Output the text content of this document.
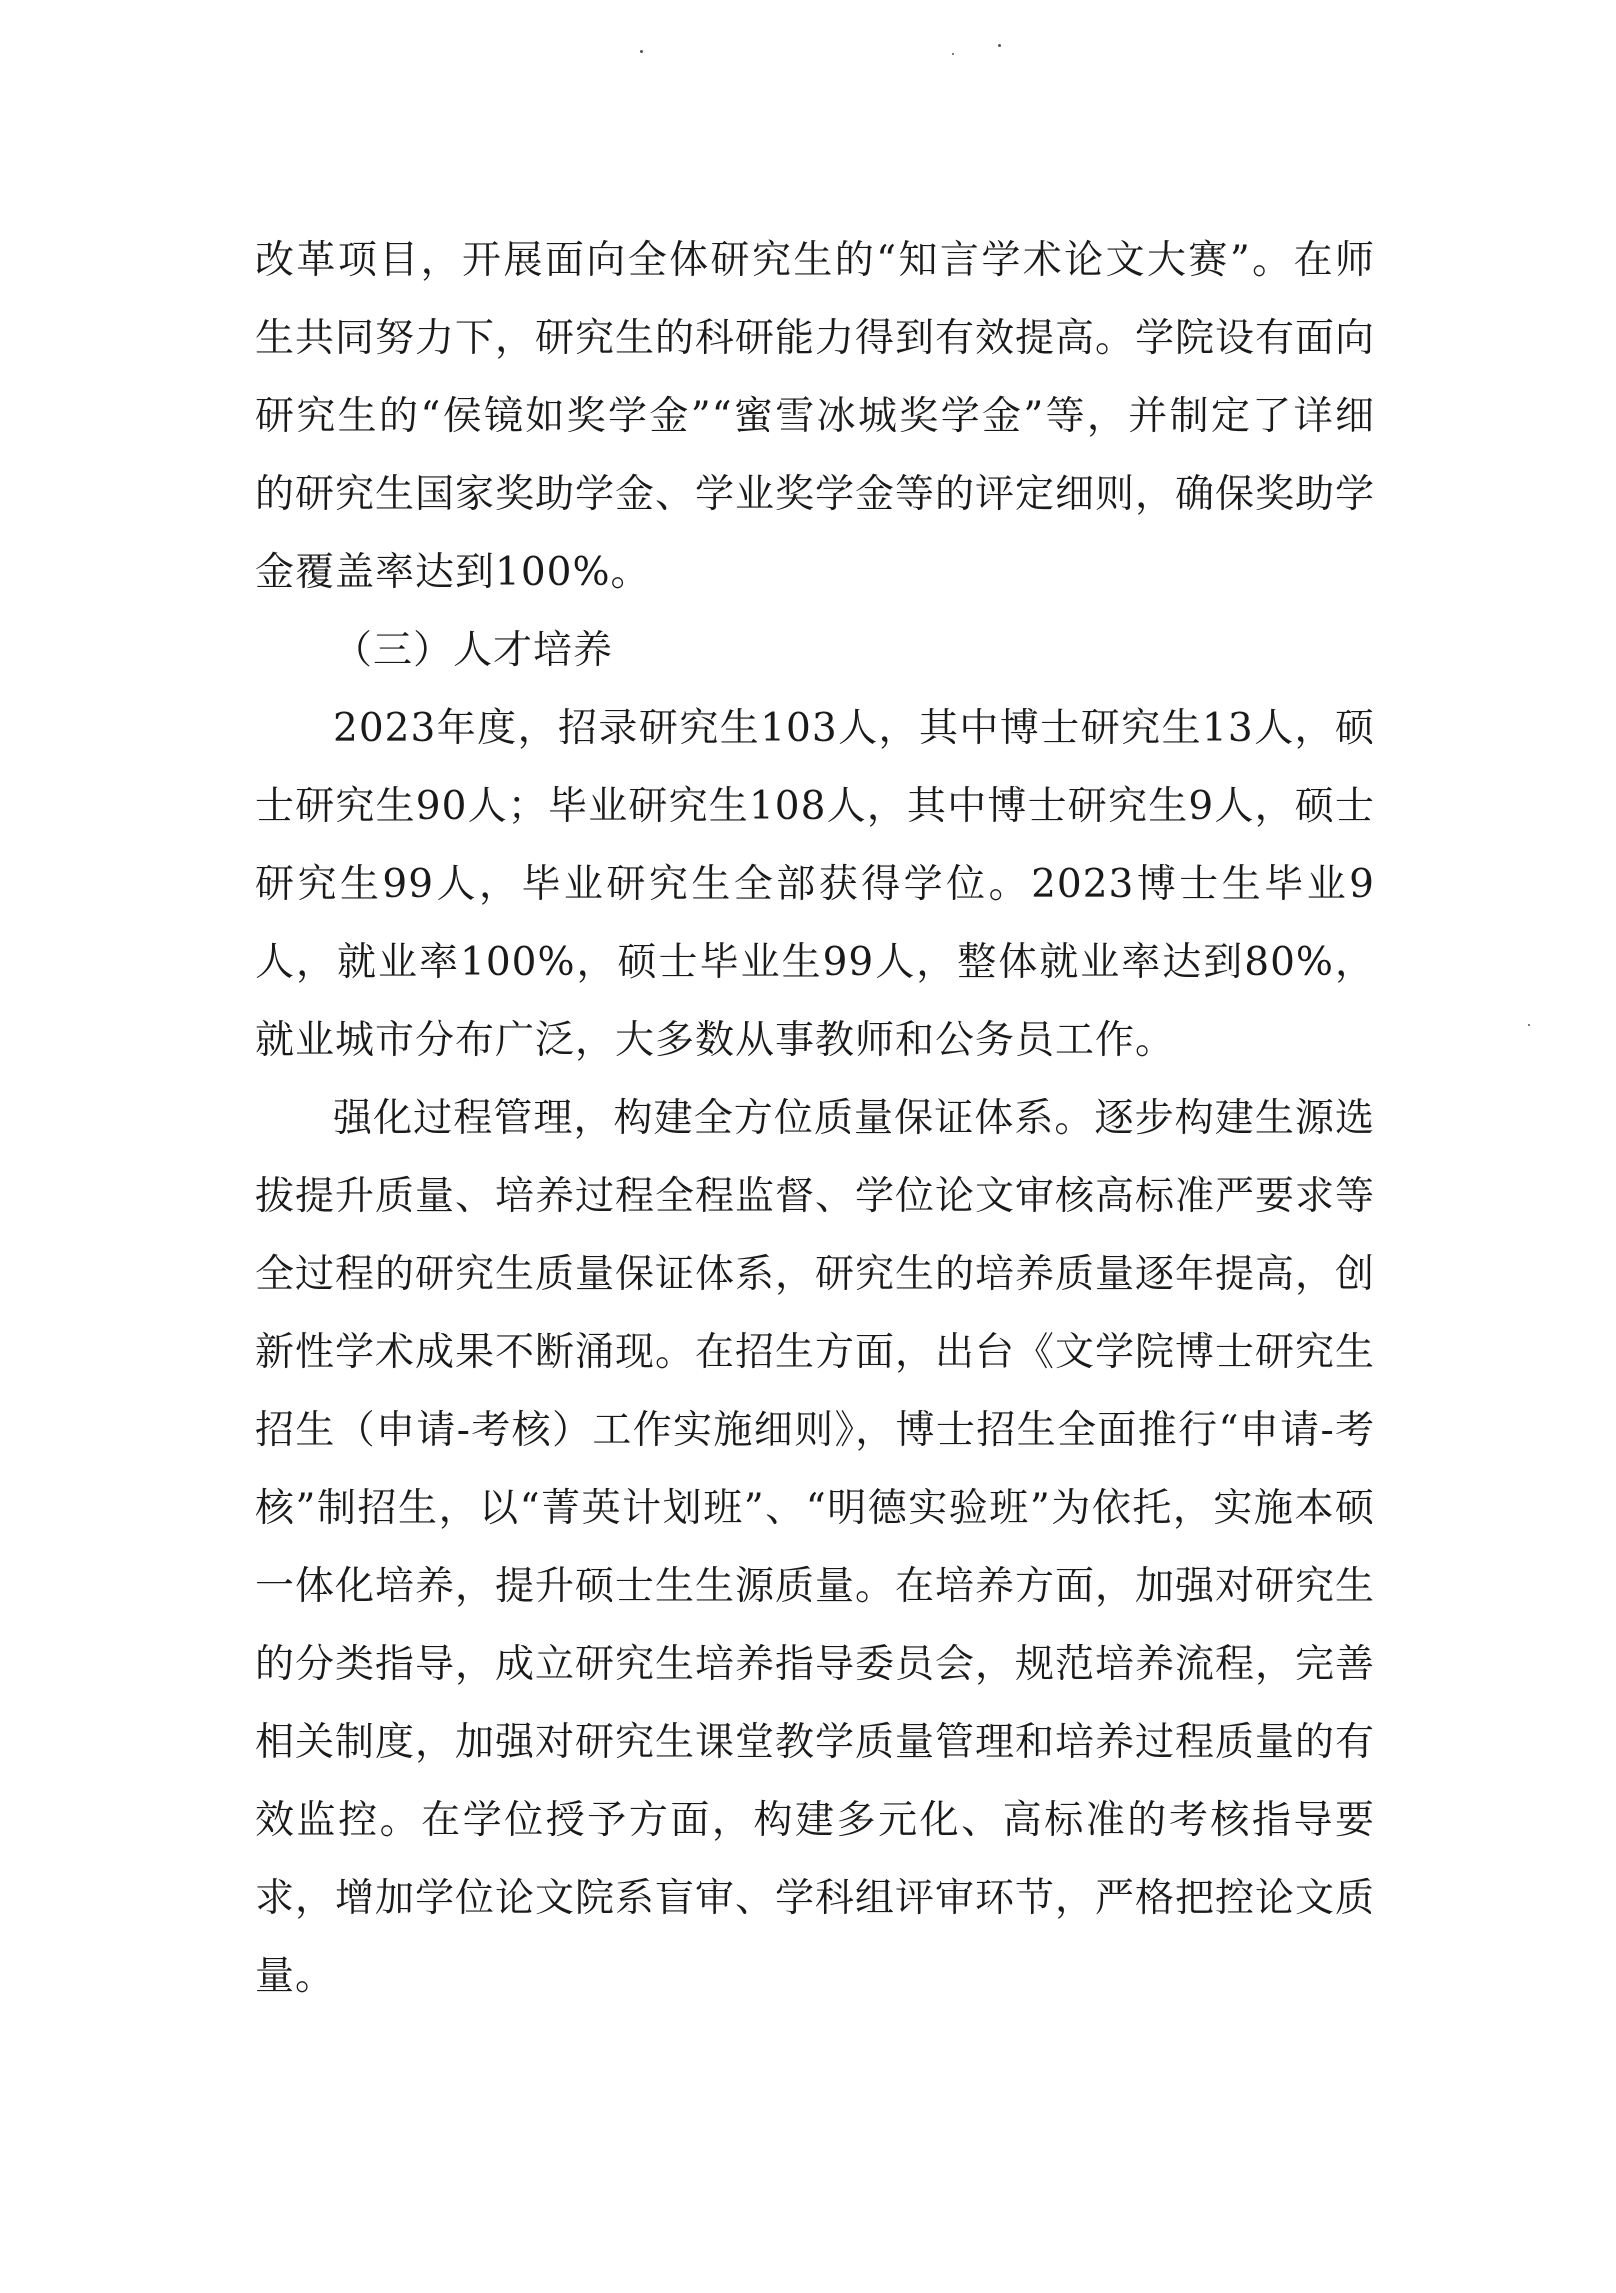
改革项目，开展面向全体研究生的“知言学术论文大赛”。在师生共同努力下，研究生的科研能力得到有效提高。学院设有面向研究生的“侯镜如奖学金”“蜜雪冰城奖学金”等，并制定了详细的研究生国家奖助学金、学业奖学金等的评定细则，确保奖助学金覆盖率达到100%。

（三）人才培养

2023年度，招录研究生103人，其中博士研究生13人，硕士研究生90人；毕业研究生108人，其中博士研究生9人，硕士研究生99人，毕业研究生全部获得学位。2023博士生毕业9人，就业率100%，硕士毕业生99人，整体就业率达到80%，就业城市分布广泛，大多数从事教师和公务员工作。

强化过程管理，构建全方位质量保证体系。逐步构建生源选拔提升质量、培养过程全程监督、学位论文审核高标准严要求等全过程的研究生质量保证体系，研究生的培养质量逐年提高，创新性学术成果不断涌现。在招生方面，出台《文学院博士研究生招生（申请-考核）工作实施细则》，博士招生全面推行“申请-考核”制招生，以“菁英计划班”、“明德实验班”为依托，实施本硕一体化培养，提升硕士生生源质量。在培养方面，加强对研究生的分类指导，成立研究生培养指导委员会，规范培养流程，完善相关制度，加强对研究生课堂教学质量管理和培养过程质量的有效监控。在学位授予方面，构建多元化、高标准的考核指导要求，增加学位论文院系盲审、学科组评审环节，严格把控论文质量。
